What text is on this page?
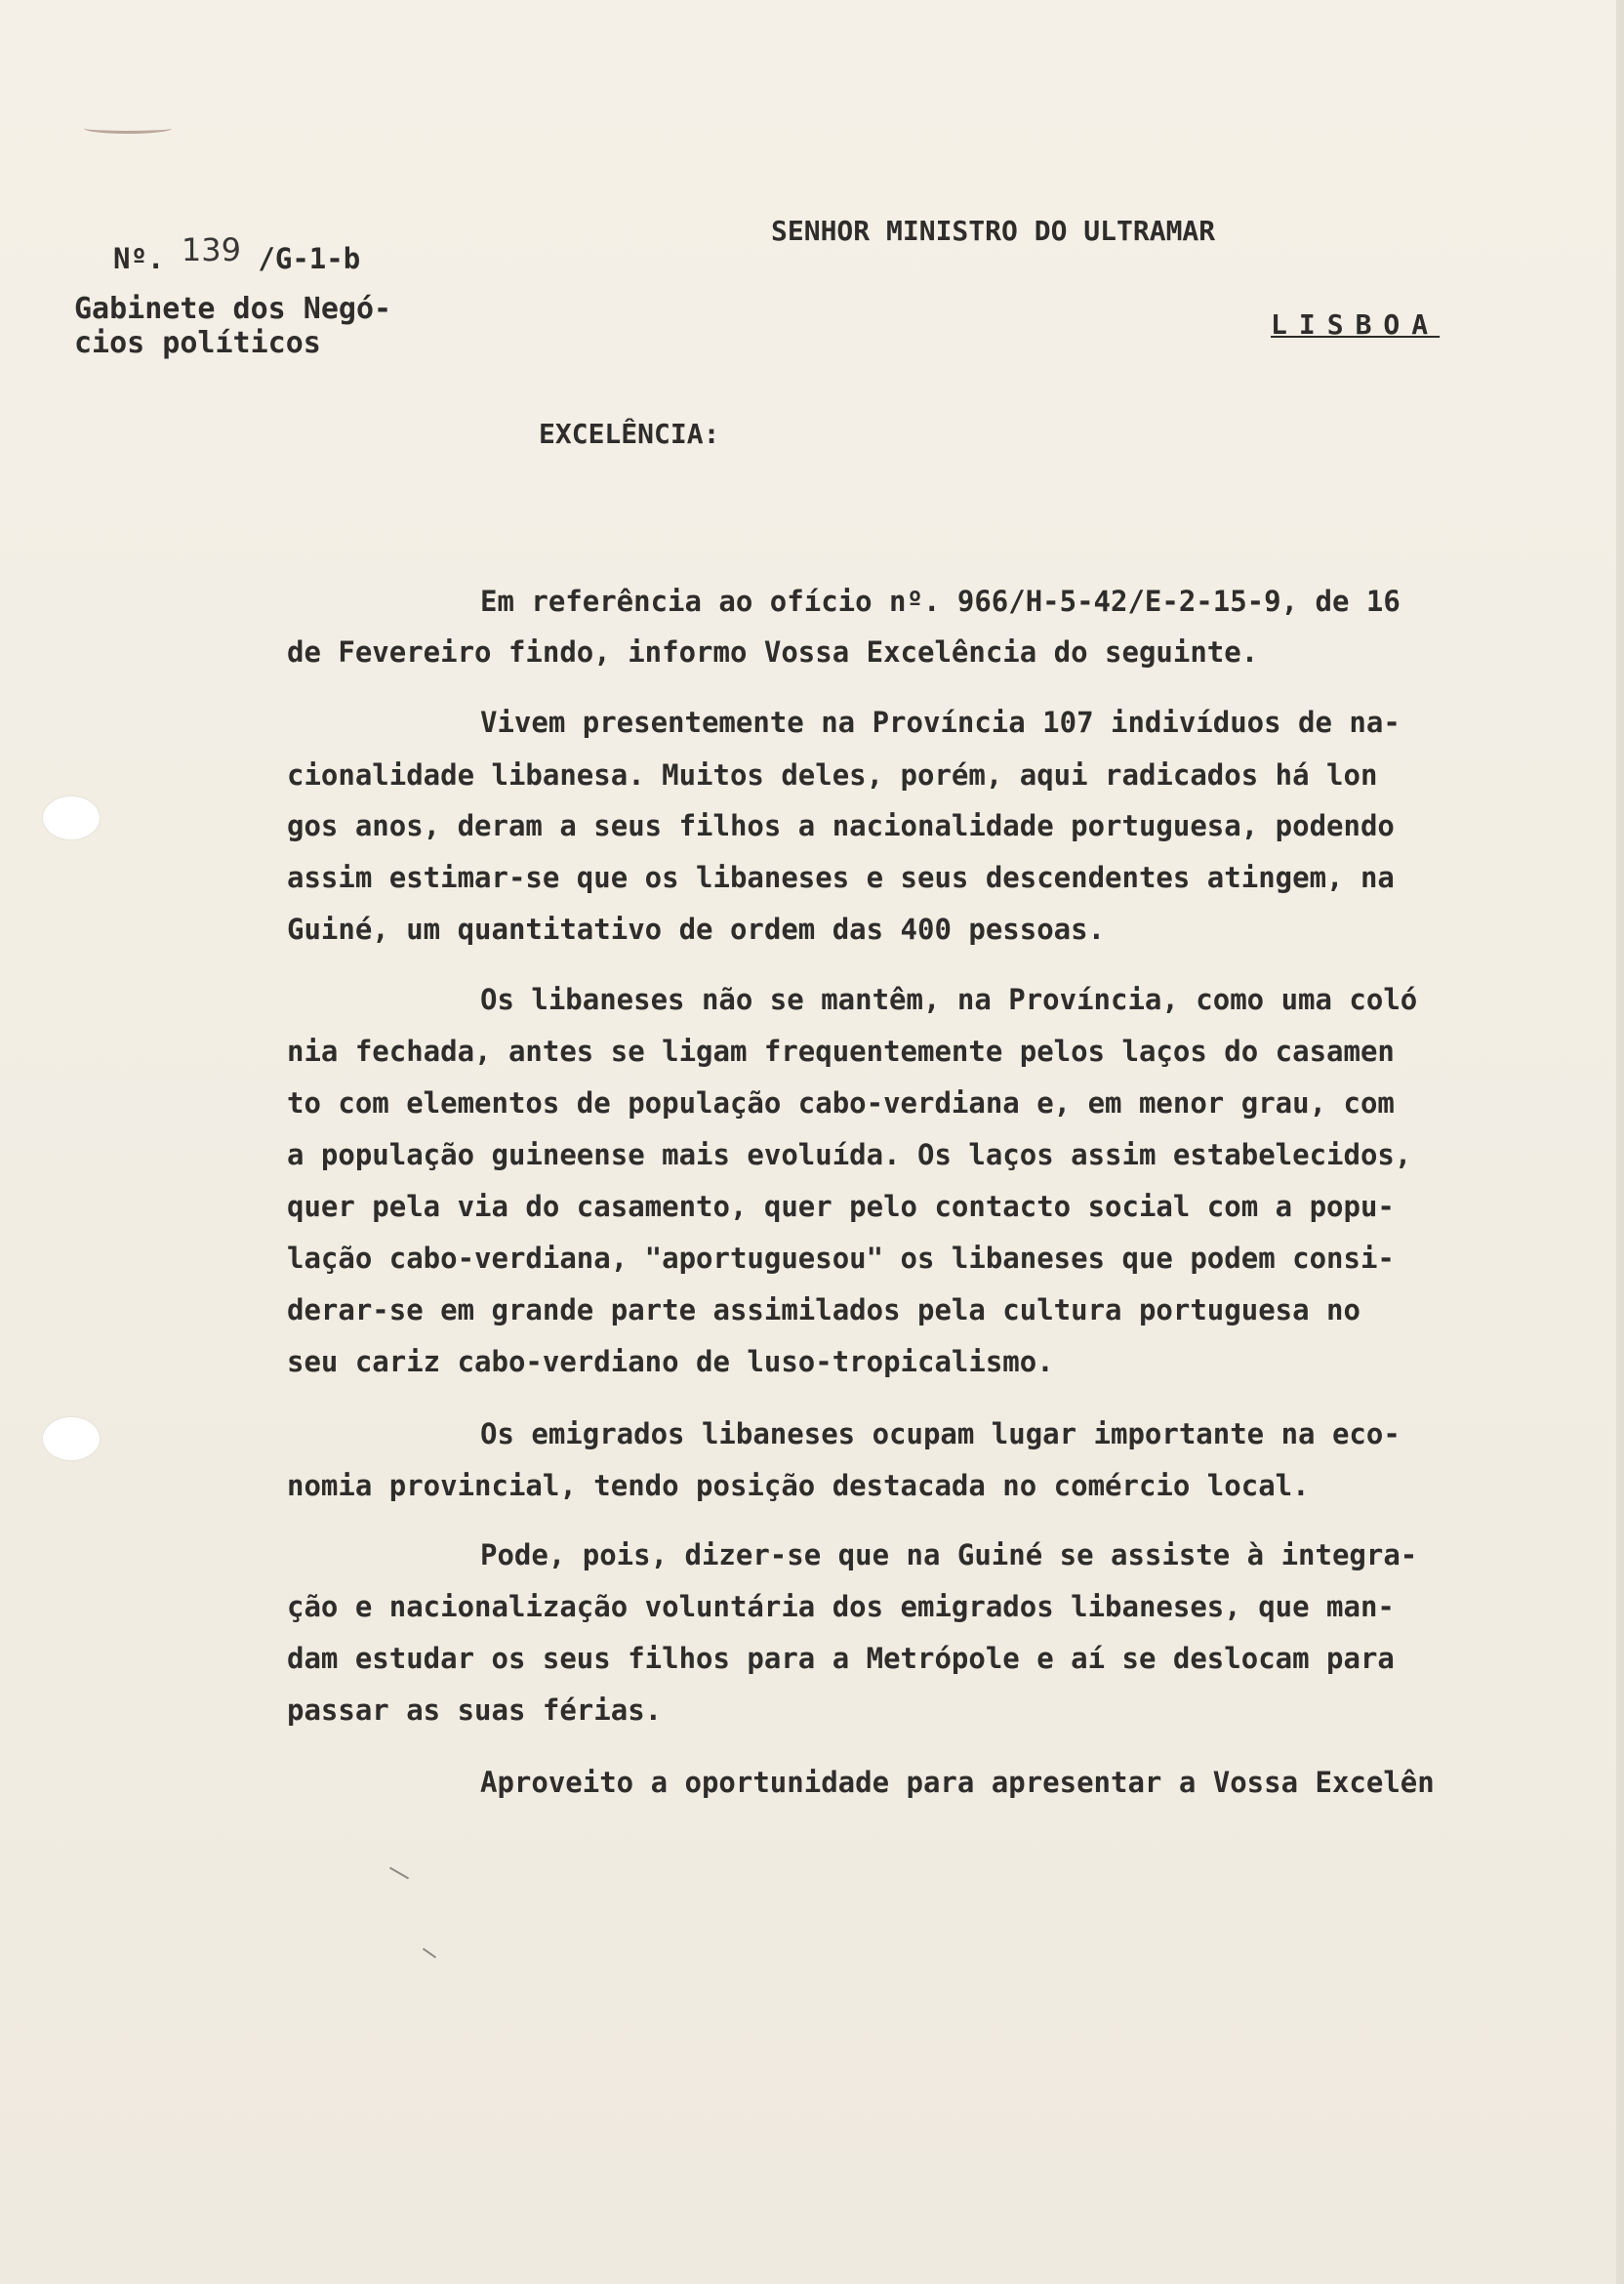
Nº. 139 /G-1-b
Gabinete dos Negó-
cios políticos
SENHOR MINISTRO DO ULTRAMAR
LISBOA
EXCELÊNCIA:

Em referência ao ofício nº. 966/H-5-42/E-2-15-9, de 16

de Fevereiro findo, informo Vossa Excelência do seguinte.

Vivem presentemente na Província 107 indivíduos de na-

cionalidade libanesa. Muitos deles, porém, aqui radicados há lon

gos anos, deram a seus filhos a nacionalidade portuguesa, podendo

assim estimar-se que os libaneses e seus descendentes atingem, na

Guiné, um quantitativo de ordem das 400 pessoas.

Os libaneses não se mantêm, na Província, como uma coló

nia fechada, antes se ligam frequentemente pelos laços do casamen

to com elementos de população cabo-verdiana e, em menor grau, com

a população guineense mais evoluída. Os laços assim estabelecidos,

quer pela via do casamento, quer pelo contacto social com a popu-

lação cabo-verdiana, "aportuguesou" os libaneses que podem consi-

derar-se em grande parte assimilados pela cultura portuguesa no

seu cariz cabo-verdiano de luso-tropicalismo.

Os emigrados libaneses ocupam lugar importante na eco-

nomia provincial, tendo posição destacada no comércio local.

Pode, pois, dizer-se que na Guiné se assiste à integra-

ção e nacionalização voluntária dos emigrados libaneses, que man-

dam estudar os seus filhos para a Metrópole e aí se deslocam para

passar as suas férias.

Aproveito a oportunidade para apresentar a Vossa Excelên
